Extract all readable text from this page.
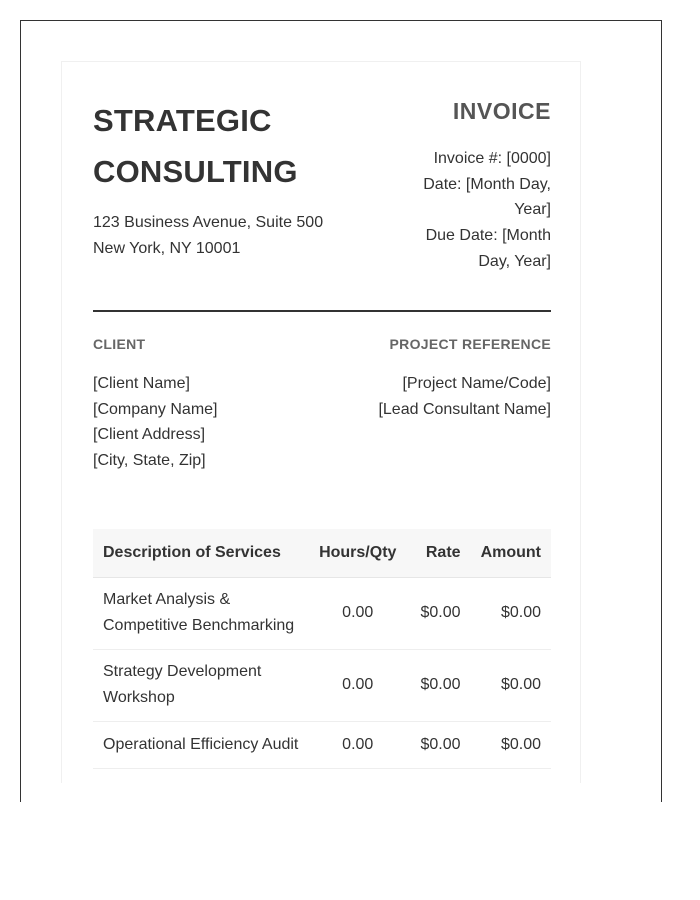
STRATEGIC CONSULTING
123 Business Avenue, Suite 500
New York, NY 10001
INVOICE
Invoice #: [0000]
Date: [Month Day, Year]
Due Date: [Month Day, Year]
CLIENT	PROJECT REFERENCE
[Client Name]
[Company Name]
[Client Address]
[City, State, Zip]
[Project Name/Code]
[Lead Consultant Name]
Description of Services	Hours/Qty	Rate	Amount
Market Analysis & Competitive Benchmarking	0.00	$0.00	$0.00
Strategy Development Workshop	0.00	$0.00	$0.00
Operational Efficiency Audit	0.00	$0.00	$0.00
